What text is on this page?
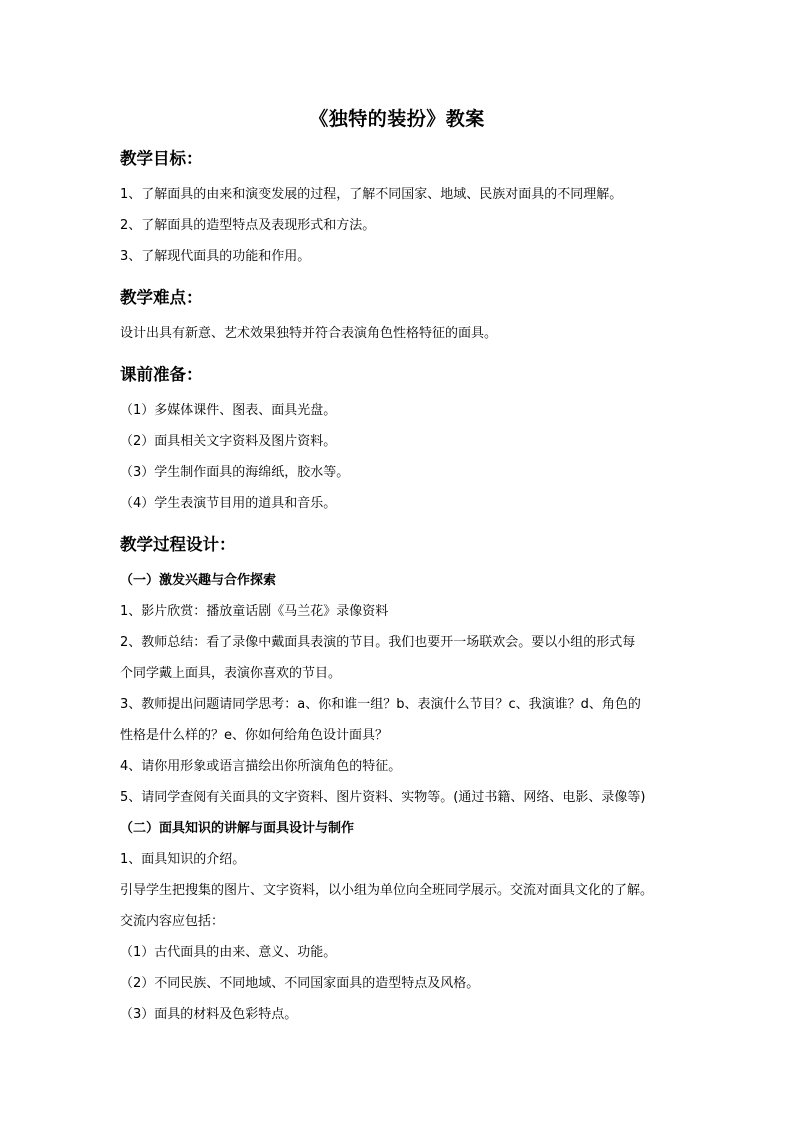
《独特的装扮》教案
教学目标：
1、了解面具的由来和演变发展的过程，了解不同国家、地域、民族对面具的不同理解。
2、了解面具的造型特点及表现形式和方法。
3、了解现代面具的功能和作用。
教学难点：
设计出具有新意、艺术效果独特并符合表演角色性格特征的面具。
课前准备：
（1）多媒体课件、图表、面具光盘。
（2）面具相关文字资料及图片资料。
（3）学生制作面具的海绵纸，胶水等。
（4）学生表演节目用的道具和音乐。
教学过程设计：
（一）激发兴趣与合作探索
1、影片欣赏：播放童话剧《马兰花》录像资料
2、教师总结：看了录像中戴面具表演的节目。我们也要开一场联欢会。要以小组的形式每
个同学戴上面具，表演你喜欢的节目。
3、教师提出问题请同学思考：a、你和谁一组？b、表演什么节目？c、我演谁？d、角色的
性格是什么样的？e、你如何给角色设计面具？
4、请你用形象或语言描绘出你所演角色的特征。
5、请同学查阅有关面具的文字资料、图片资料、实物等。(通过书籍、网络、电影、录像等)
（二）面具知识的讲解与面具设计与制作
1、面具知识的介绍。
引导学生把搜集的图片、文字资料，以小组为单位向全班同学展示。交流对面具文化的了解。
交流内容应包括：
（1）古代面具的由来、意义、功能。
（2）不同民族、不同地域、不同国家面具的造型特点及风格。
（3）面具的材料及色彩特点。
